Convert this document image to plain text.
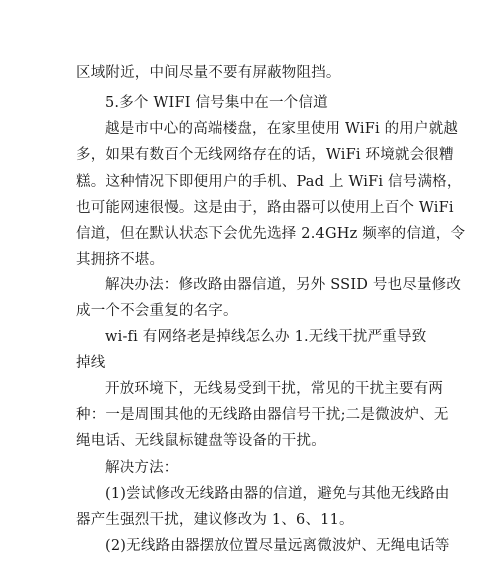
区域附近，中间尽量不要有屏蔽物阻挡。
5.多个 WIFI 信号集中在一个信道
越是市中心的高端楼盘，在家里使用 WiFi 的用户就越
多，如果有数百个无线网络存在的话，WiFi 环境就会很糟
糕。这种情况下即便用户的手机、Pad 上 WiFi 信号满格，
也可能网速很慢。这是由于，路由器可以使用上百个 WiFi
信道，但在默认状态下会优先选择 2.4GHz 频率的信道，令
其拥挤不堪。
解决办法：修改路由器信道，另外 SSID 号也尽量修改
成一个不会重复的名字。
wi-fi 有网络老是掉线怎么办 1.无线干扰严重导致
掉线
开放环境下，无线易受到干扰，常见的干扰主要有两
种：一是周围其他的无线路由器信号干扰;二是微波炉、无
绳电话、无线鼠标键盘等设备的干扰。
解决方法：
(1)尝试修改无线路由器的信道，避免与其他无线路由
器产生强烈干扰，建议修改为 1、6、11。
(2)无线路由器摆放位置尽量远离微波炉、无绳电话等
